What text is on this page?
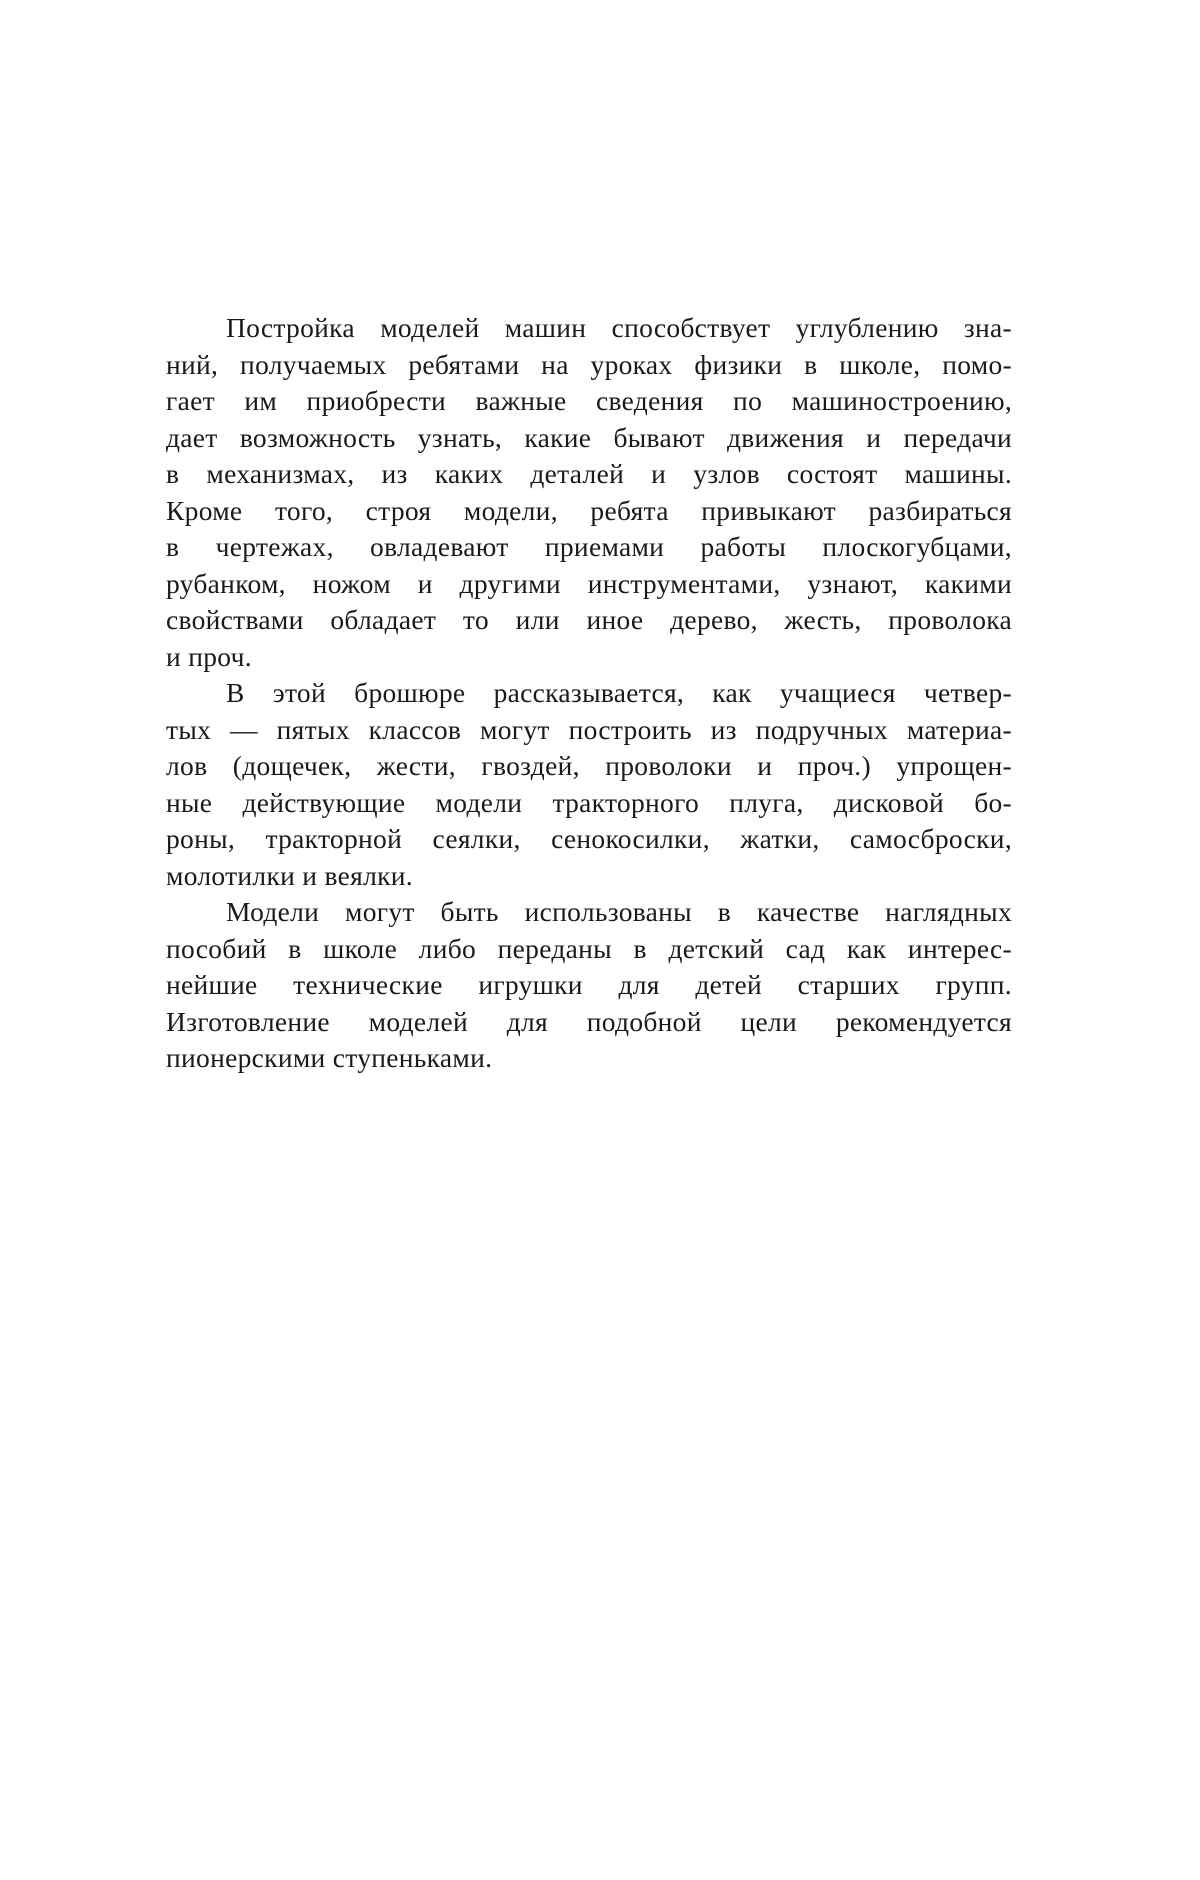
Постройка моделей машин способствует углублению зна-
ний, получаемых ребятами на уроках физики в школе, помо-
гает им приобрести важные сведения по машиностроению,
дает возможность узнать, какие бывают движения и передачи
в механизмах, из каких деталей и узлов состоят машины.
Кроме того, строя модели, ребята привыкают разбираться
в чертежах, овладевают приемами работы плоскогубцами,
рубанком, ножом и другими инструментами, узнают, какими
свойствами обладает то или иное дерево, жесть, проволока
и проч.
В этой брошюре рассказывается, как учащиеся четвер-
тых — пятых классов могут построить из подручных материа-
лов (дощечек, жести, гвоздей, проволоки и проч.) упрощен-
ные действующие модели тракторного плуга, дисковой бо-
роны, тракторной сеялки, сенокосилки, жатки, самосброски,
молотилки и веялки.
Модели могут быть использованы в качестве наглядных
пособий в школе либо переданы в детский сад как интерес-
нейшие технические игрушки для детей старших групп.
Изготовление моделей для подобной цели рекомендуется
пионерскими ступеньками.
